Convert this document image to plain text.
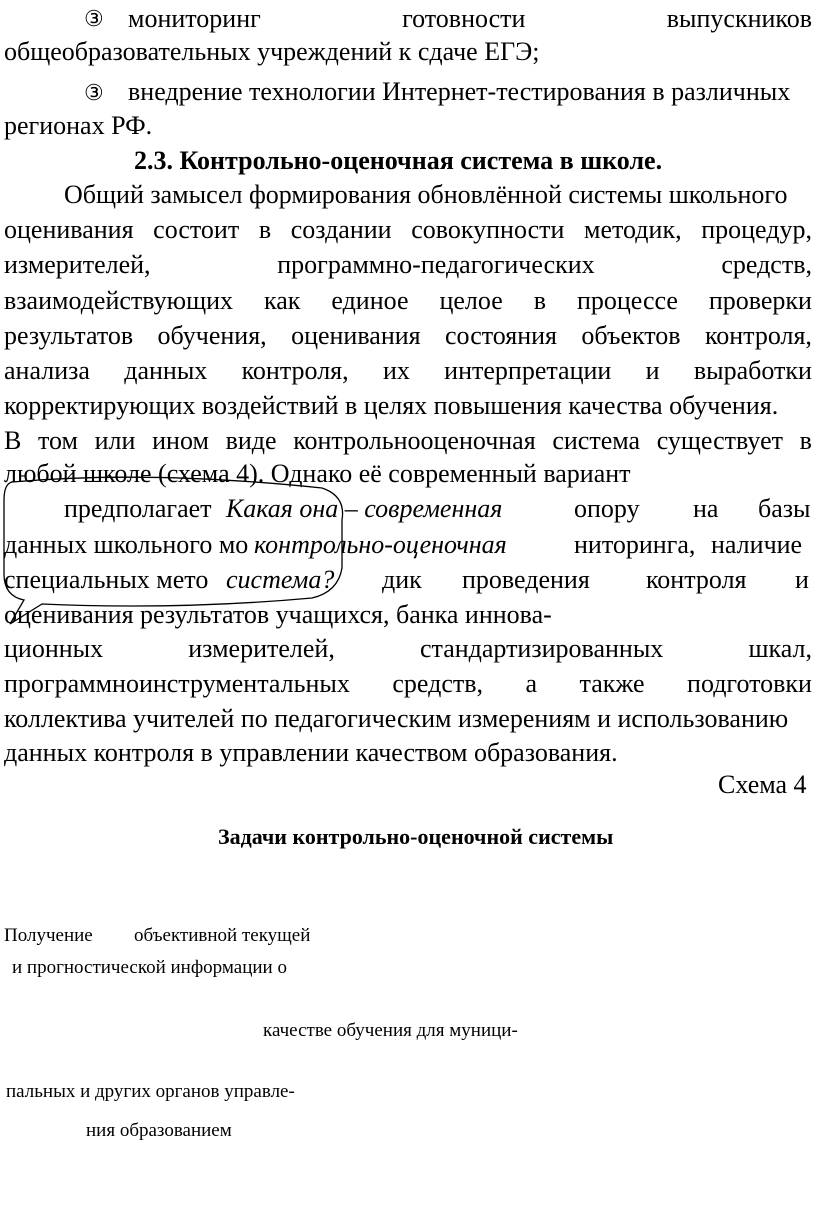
③ мониторинг	готовности	выпускников
общеобразовательных учреждений к сдаче ЕГЭ;
③ внедрение технологии Интернет-тестирования в различных
регионах РФ.
2.3. Контрольно-оценочная система в школе.
Общий замысел формирования обновлённой системы школьного
оценивания состоит в создании совокупности методик, процедур,
измерителей,	программно-педагогических	средств,
взаимодействующих как единое целое в процессе проверки
результатов обучения, оценивания состояния объектов контроля,
анализа данных контроля, их интерпретации и выработки
корректирующих воздействий в целях повышения качества обучения.
В том или ином виде контрольнооценочная система существует в
любой школе (схема 4). Однако её современный вариант
предполагает	опору на базы
данных школьного мо	ниторинга, наличие
специальных мето	дик проведения контроля и
оценивания результатов учащихся, банка иннова-
ционных	измерителей,	стандартизированных	шкал,
программноинструментальных средств, а также подготовки
коллектива учителей по педагогическим измерениям и использованию
данных контроля в управлении качеством образования.
Какая она – современная
контрольно-оценочная
система?
Схема 4
Задачи контрольно-оценочной системы
Получение объективной текущей
и прогностической информации о
качестве обучения для муници-
пальных и других органов управле-
ния образованием
